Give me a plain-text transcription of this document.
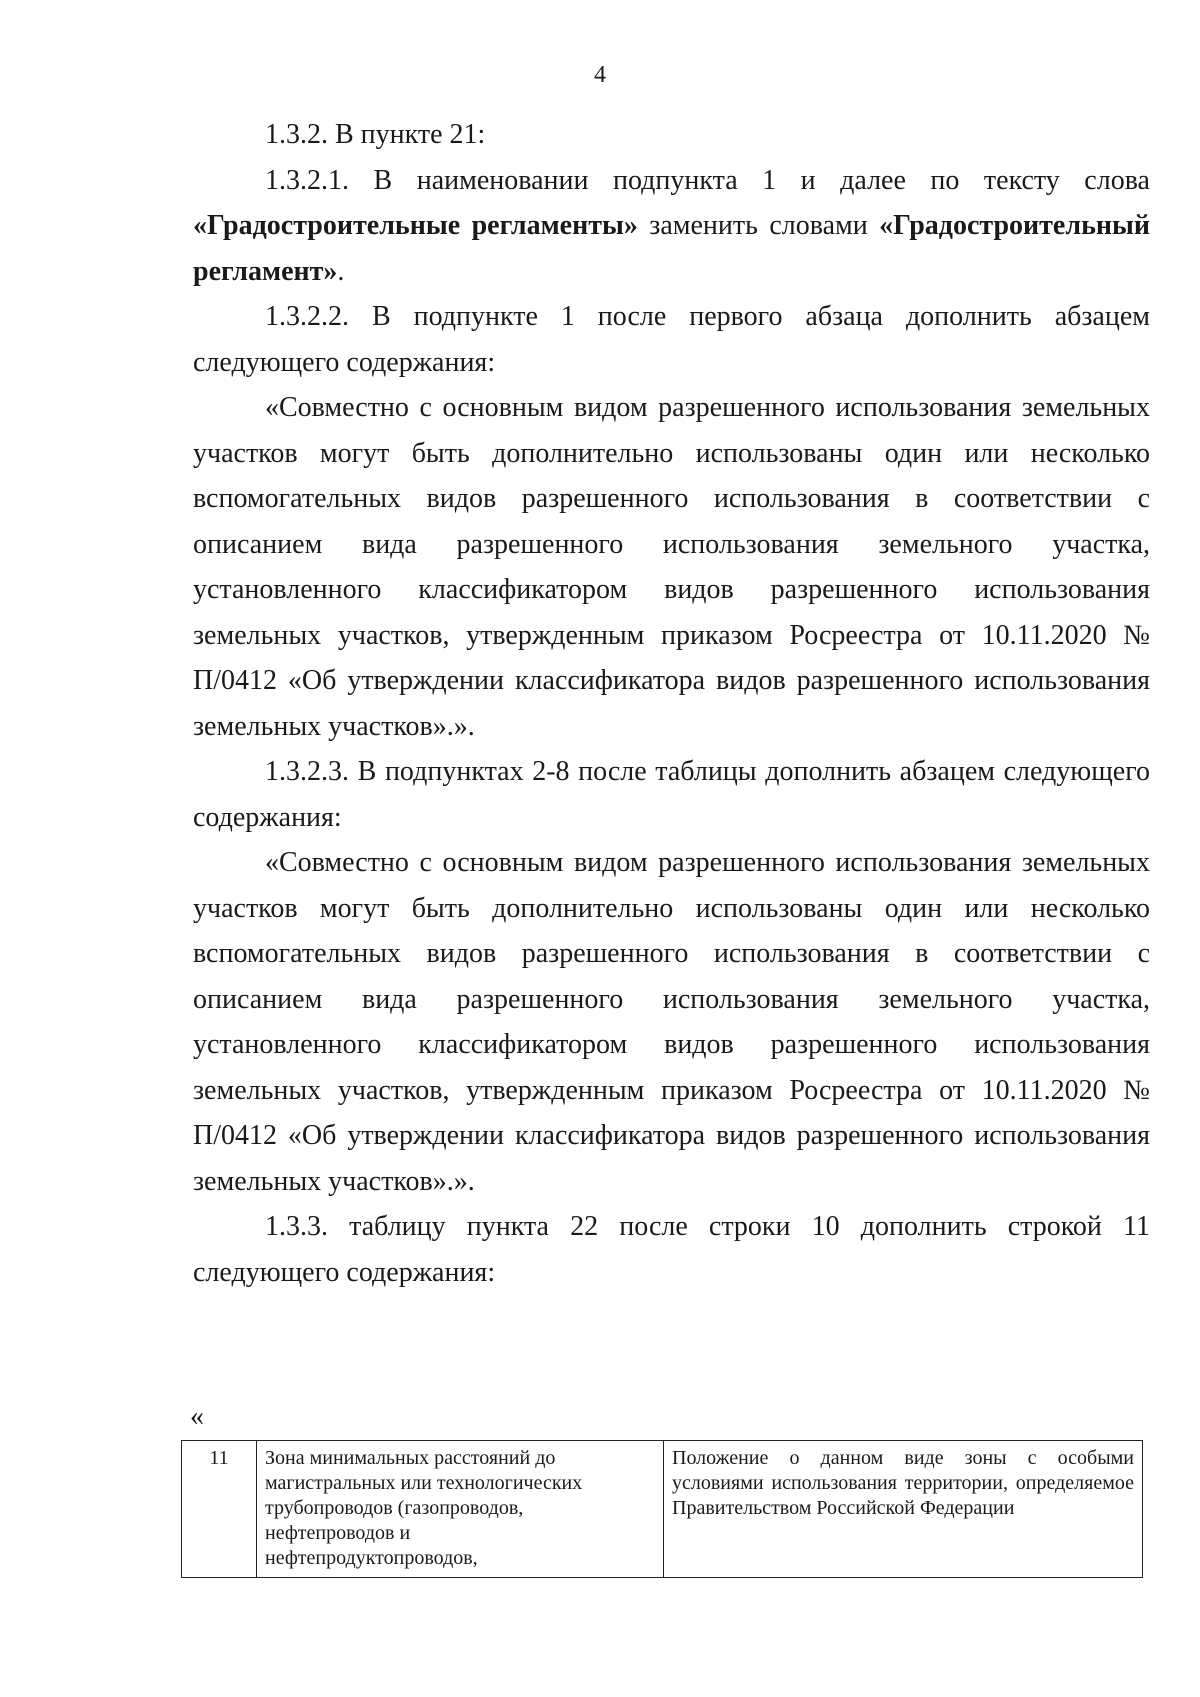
4

1.3.2. В пункте 21:

1.3.2.1. В наименовании подпункта 1 и далее по тексту слова «Градостроительные регламенты» заменить словами «Градостроительный регламент».

1.3.2.2. В подпункте 1 после первого абзаца дополнить абзацем следующего содержания:

«Совместно с основным видом разрешенного использования земельных участков могут быть дополнительно использованы один или несколько вспомогательных видов разрешенного использования в соответствии с описанием вида разрешенного использования земельного участка, установленного классификатором видов разрешенного использования земельных участков, утвержденным приказом Росреестра от 10.11.2020 № П/0412 «Об утверждении классификатора видов разрешенного использования земельных участков».».

1.3.2.3. В подпунктах 2-8 после таблицы дополнить абзацем следующего содержания:

«Совместно с основным видом разрешенного использования земельных участков могут быть дополнительно использованы один или несколько вспомогательных видов разрешенного использования в соответствии с описанием вида разрешенного использования земельного участка, установленного классификатором видов разрешенного использования земельных участков, утвержденным приказом Росреестра от 10.11.2020 № П/0412 «Об утверждении классификатора видов разрешенного использования земельных участков».».

1.3.3. таблицу пункта 22 после строки 10 дополнить строкой 11 следующего содержания:

«
11	Зона минимальных расстояний до
магистральных или технологических
трубопроводов (газопроводов,
нефтепроводов и
нефтепродуктопроводов,
	Положение о данном виде зоны с особыми условиями использования территории, определяемое Правительством Российской Федерации
